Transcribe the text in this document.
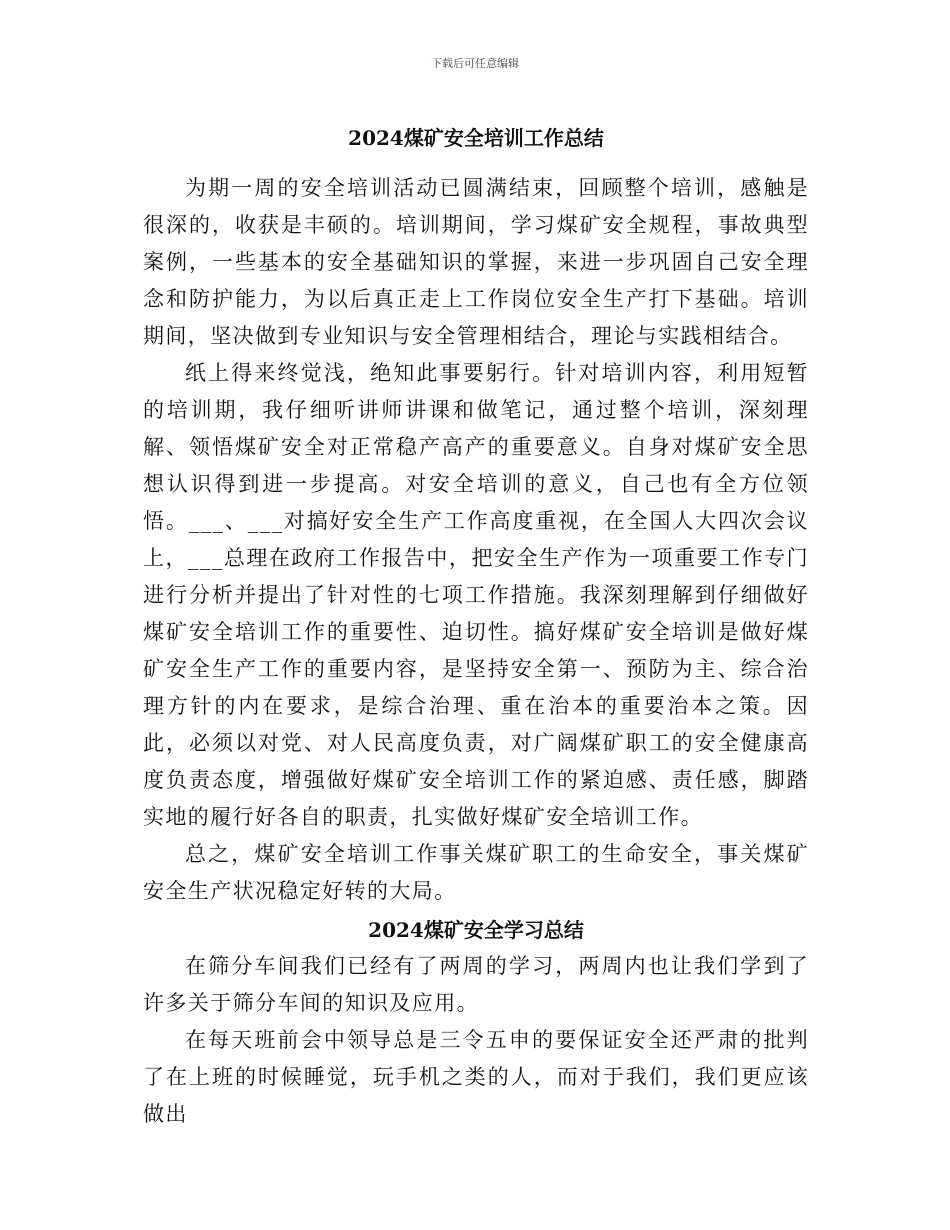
下载后可任意编辑
2024煤矿安全培训工作总结

为期一周的安全培训活动已圆满结束，回顾整个培训，感触是很深的，收获是丰硕的。培训期间，学习煤矿安全规程，事故典型案例，一些基本的安全基础知识的掌握，来进一步巩固自己安全理念和防护能力，为以后真正走上工作岗位安全生产打下基础。培训期间，坚决做到专业知识与安全管理相结合，理论与实践相结合。

纸上得来终觉浅，绝知此事要躬行。针对培训内容，利用短暂的培训期，我仔细听讲师讲课和做笔记，通过整个培训，深刻理解、领悟煤矿安全对正常稳产高产的重要意义。自身对煤矿安全思想认识得到进一步提高。对安全培训的意义，自己也有全方位领悟。___、___对搞好安全生产工作高度重视，在全国人大四次会议上，___总理在政府工作报告中，把安全生产作为一项重要工作专门进行分析并提出了针对性的七项工作措施。我深刻理解到仔细做好煤矿安全培训工作的重要性、迫切性。搞好煤矿安全培训是做好煤矿安全生产工作的重要内容，是坚持安全第一、预防为主、综合治理方针的内在要求，是综合治理、重在治本的重要治本之策。因此，必须以对党、对人民高度负责，对广阔煤矿职工的安全健康高度负责态度，增强做好煤矿安全培训工作的紧迫感、责任感，脚踏实地的履行好各自的职责，扎实做好煤矿安全培训工作。

总之，煤矿安全培训工作事关煤矿职工的生命安全，事关煤矿安全生产状况稳定好转的大局。

2024煤矿安全学习总结

在筛分车间我们已经有了两周的学习，两周内也让我们学到了许多关于筛分车间的知识及应用。

在每天班前会中领导总是三令五申的要保证安全还严肃的批判了在上班的时候睡觉，玩手机之类的人，而对于我们，我们更应该做出
